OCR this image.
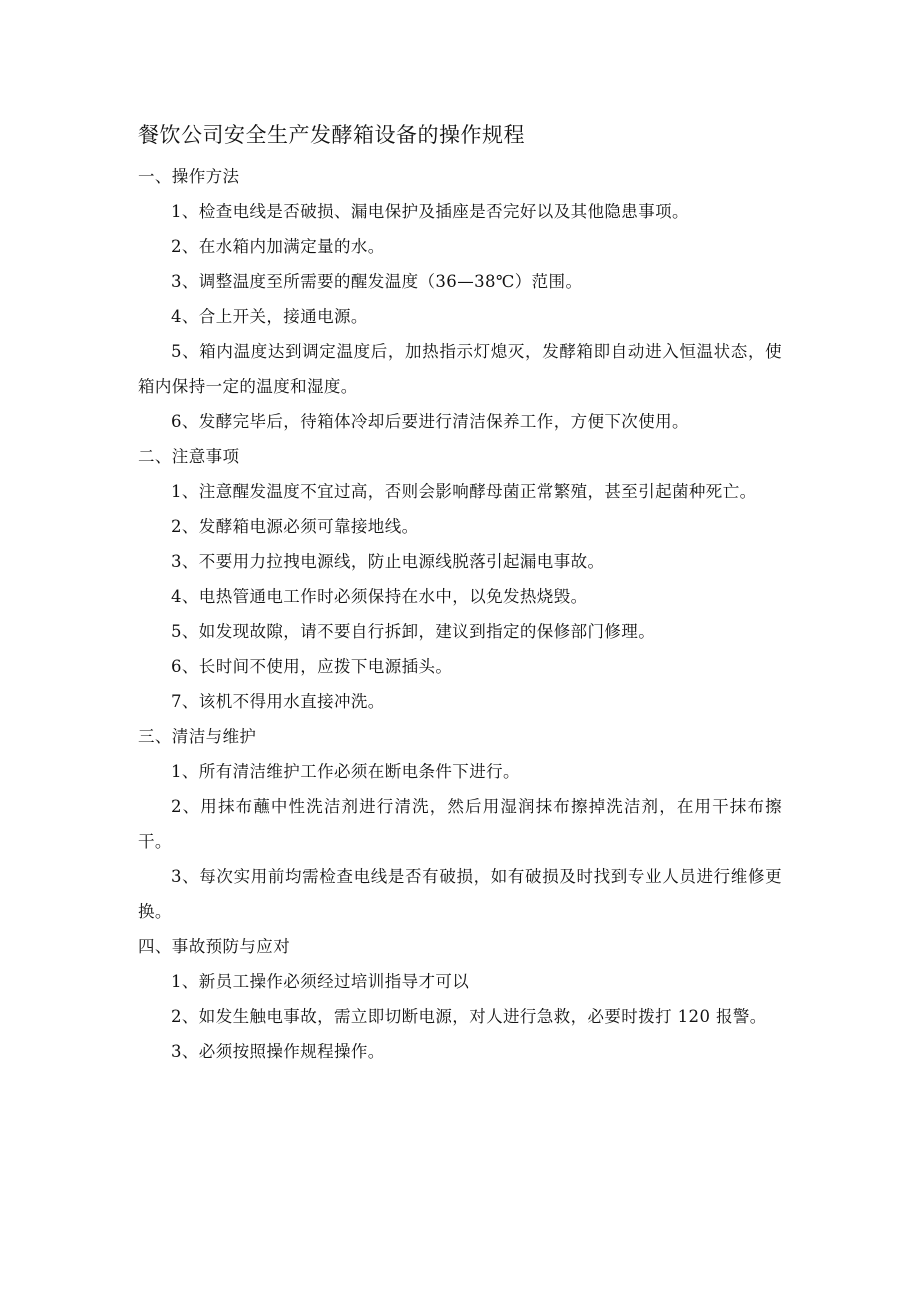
餐饮公司安全生产发酵箱设备的操作规程

一、操作方法

1、检查电线是否破损、漏电保护及插座是否完好以及其他隐患事项。

2、在水箱内加满定量的水。

3、调整温度至所需要的醒发温度（36—38℃）范围。

4、合上开关，接通电源。

5、箱内温度达到调定温度后，加热指示灯熄灭，发酵箱即自动进入恒温状态，使箱内保持一定的温度和湿度。

6、发酵完毕后，待箱体冷却后要进行清洁保养工作，方便下次使用。

二、注意事项

1、注意醒发温度不宜过高，否则会影响酵母菌正常繁殖，甚至引起菌种死亡。

2、发酵箱电源必须可靠接地线。

3、不要用力拉拽电源线，防止电源线脱落引起漏电事故。

4、电热管通电工作时必须保持在水中，以免发热烧毁。

5、如发现故隙，请不要自行拆卸，建议到指定的保修部门修理。

6、长时间不使用，应拨下电源插头。

7、该机不得用水直接冲洗。

三、清洁与维护

1、所有清洁维护工作必须在断电条件下进行。

2、用抹布蘸中性洗洁剂进行清洗，然后用湿润抹布擦掉洗洁剂，在用干抹布擦干。

3、每次实用前均需检查电线是否有破损，如有破损及时找到专业人员进行维修更换。

四、事故预防与应对

1、新员工操作必须经过培训指导才可以

2、如发生触电事故，需立即切断电源，对人进行急救，必要时拨打 120 报警。

3、必须按照操作规程操作。
